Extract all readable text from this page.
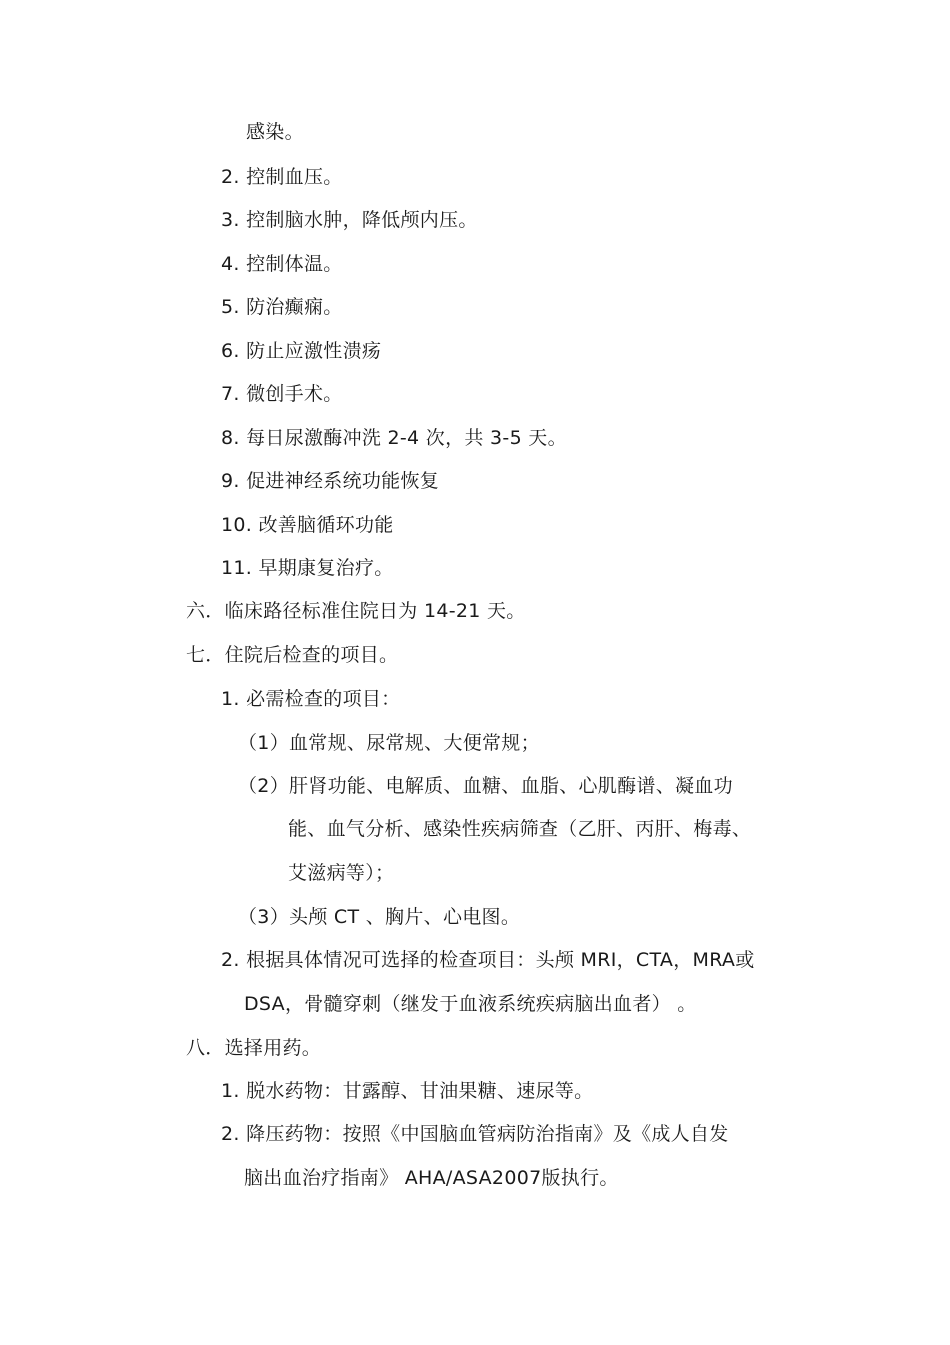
感染。
2. 控制血压。
3. 控制脑水肿，降低颅内压。
4. 控制体温。
5. 防治癫痫。
6. 防止应激性溃疡
7. 微创手术。
8. 每日尿激酶冲洗 2-4 次，共 3-5 天。
9. 促进神经系统功能恢复
10. 改善脑循环功能
11. 早期康复治疗。
六．临床路径标准住院日为 14-21 天。
七．住院后检查的项目。
1. 必需检查的项目：
（1）血常规、尿常规、大便常规；
（2）肝肾功能、电解质、血糖、血脂、心肌酶谱、凝血功
能、血气分析、感染性疾病筛查（乙肝、丙肝、梅毒、
艾滋病等）；
（3）头颅 CT 、胸片、心电图。
2. 根据具体情况可选择的检查项目：头颅 MRI，CTA，MRA或
DSA，骨髓穿刺（继发于血液系统疾病脑出血者） 。
八．选择用药。
1. 脱水药物：甘露醇、甘油果糖、速尿等。
2. 降压药物：按照《中国脑血管病防治指南》及《成人自发
脑出血治疗指南》 AHA/ASA2007版执行。
